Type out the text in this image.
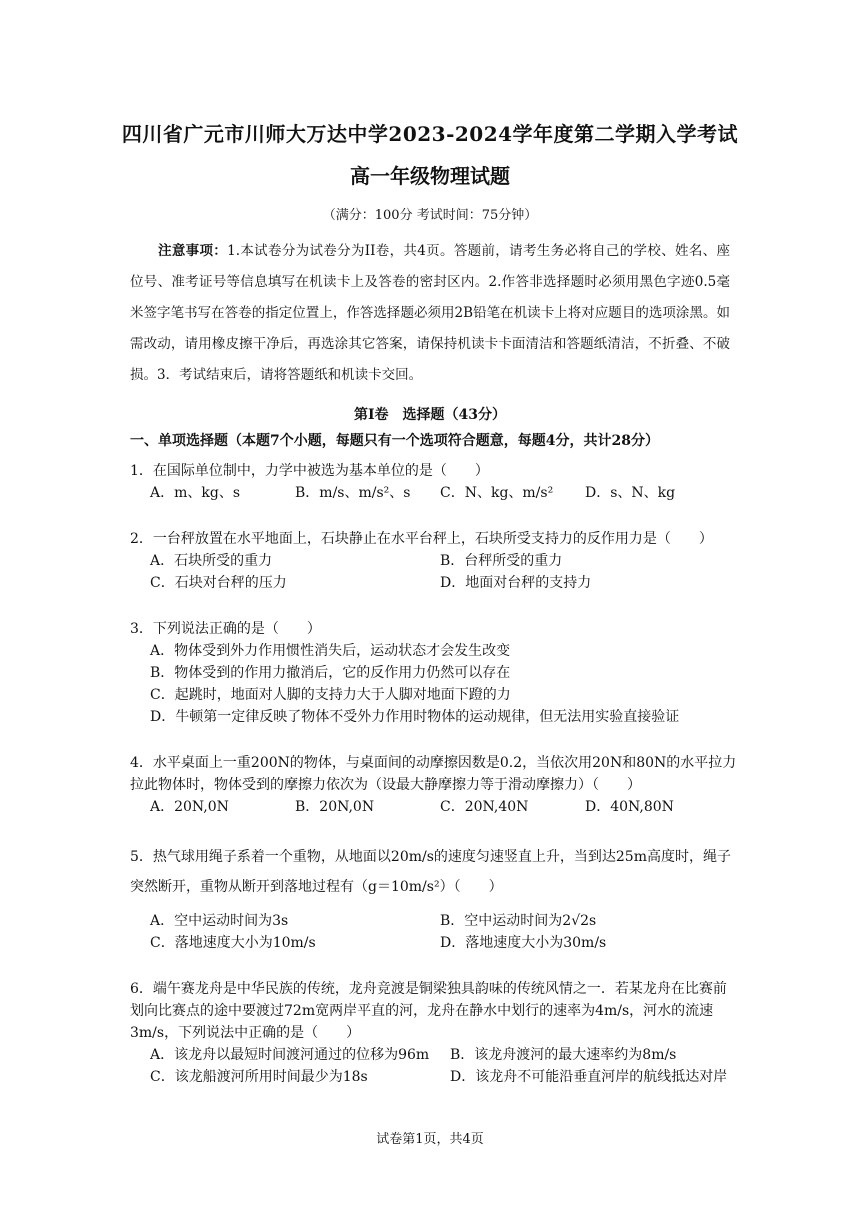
四川省广元市川师大万达中学2023-2024学年度第二学期入学考试
高一年级物理试题
（满分：100分 考试时间：75分钟）
注意事项：1.本试卷分为试卷分为II卷，共4页。答题前，请考生务必将自己的学校、姓名、座位号、准考证号等信息填写在机读卡上及答卷的密封区内。2.作答非选择题时必须用黑色字迹0.5毫米签字笔书写在答卷的指定位置上，作答选择题必须用2B铅笔在机读卡上将对应题目的选项涂黑。如需改动，请用橡皮擦干净后，再选涂其它答案，请保持机读卡卡面清洁和答题纸清洁，不折叠、不破损。3．考试结束后，请将答题纸和机读卡交回。
第Ⅰ卷　选择题（43分）
一、单项选择题（本题7个小题，每题只有一个选项符合题意，每题4分，共计28分）
1．在国际单位制中，力学中被选为基本单位的是（　　）
A．m、kg、s	B．m/s、m/s²、s	C．N、kg、m/s²	D．s、N、kg
2．一台秤放置在水平地面上，石块静止在水平台秤上，石块所受支持力的反作用力是（　　）
A．石块所受的重力	B．台秤所受的重力
C．石块对台秤的压力	D．地面对台秤的支持力
3．下列说法正确的是（　　）
A．物体受到外力作用惯性消失后，运动状态才会发生改变
B．物体受到的作用力撤消后，它的反作用力仍然可以存在
C．起跳时，地面对人脚的支持力大于人脚对地面下蹬的力
D．牛顿第一定律反映了物体不受外力作用时物体的运动规律，但无法用实验直接验证
4．水平桌面上一重200N的物体，与桌面间的动摩擦因数是0.2，当依次用20N和80N的水平拉力拉此物体时，物体受到的摩擦力依次为（设最大静摩擦力等于滑动摩擦力）（　　）
A．20N,0N	B．20N,0N	C．20N,40N	D．40N,80N
5．热气球用绳子系着一个重物，从地面以20m/s的速度匀速竖直上升，当到达25m高度时，绳子突然断开，重物从断开到落地过程有（g＝10m/s²）（　　）
A．空中运动时间为3s	B．空中运动时间为2√2s
C．落地速度大小为10m/s	D．落地速度大小为30m/s
6．端午赛龙舟是中华民族的传统，龙舟竞渡是铜梁独具韵味的传统风情之一．若某龙舟在比赛前划向比赛点的途中要渡过72m宽两岸平直的河，龙舟在静水中划行的速率为4m/s，河水的流速3m/s，下列说法中正确的是（　　）
A．该龙舟以最短时间渡河通过的位移为96m	B．该龙舟渡河的最大速率约为8m/s
C．该龙船渡河所用时间最少为18s	D．该龙舟不可能沿垂直河岸的航线抵达对岸
试卷第1页，共4页
